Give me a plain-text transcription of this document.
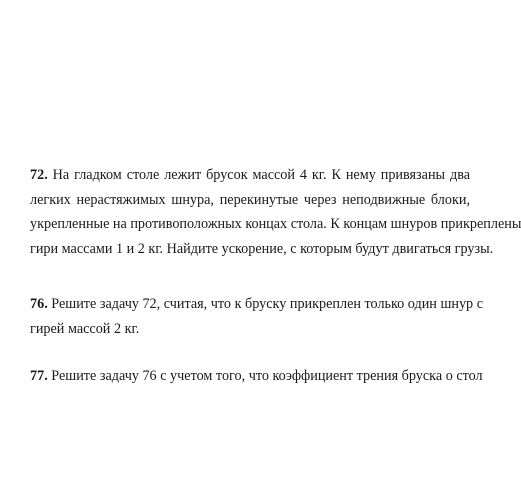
72. На гладком столе лежит брусок массой 4 кг. К нему привязаны два
легких нерастяжимых шнура, перекинутые через неподвижные блоки,
укрепленные на противоположных концах стола. К концам шнуров прикреплены
гири массами 1 и 2 кг. Найдите ускорение, с которым будут двигаться грузы.
76. Решите задачу 72, считая, что к бруску прикреплен только один шнур с
гирей массой 2 кг.
77. Решите задачу 76 с учетом того, что коэффициент трения бруска о стол
